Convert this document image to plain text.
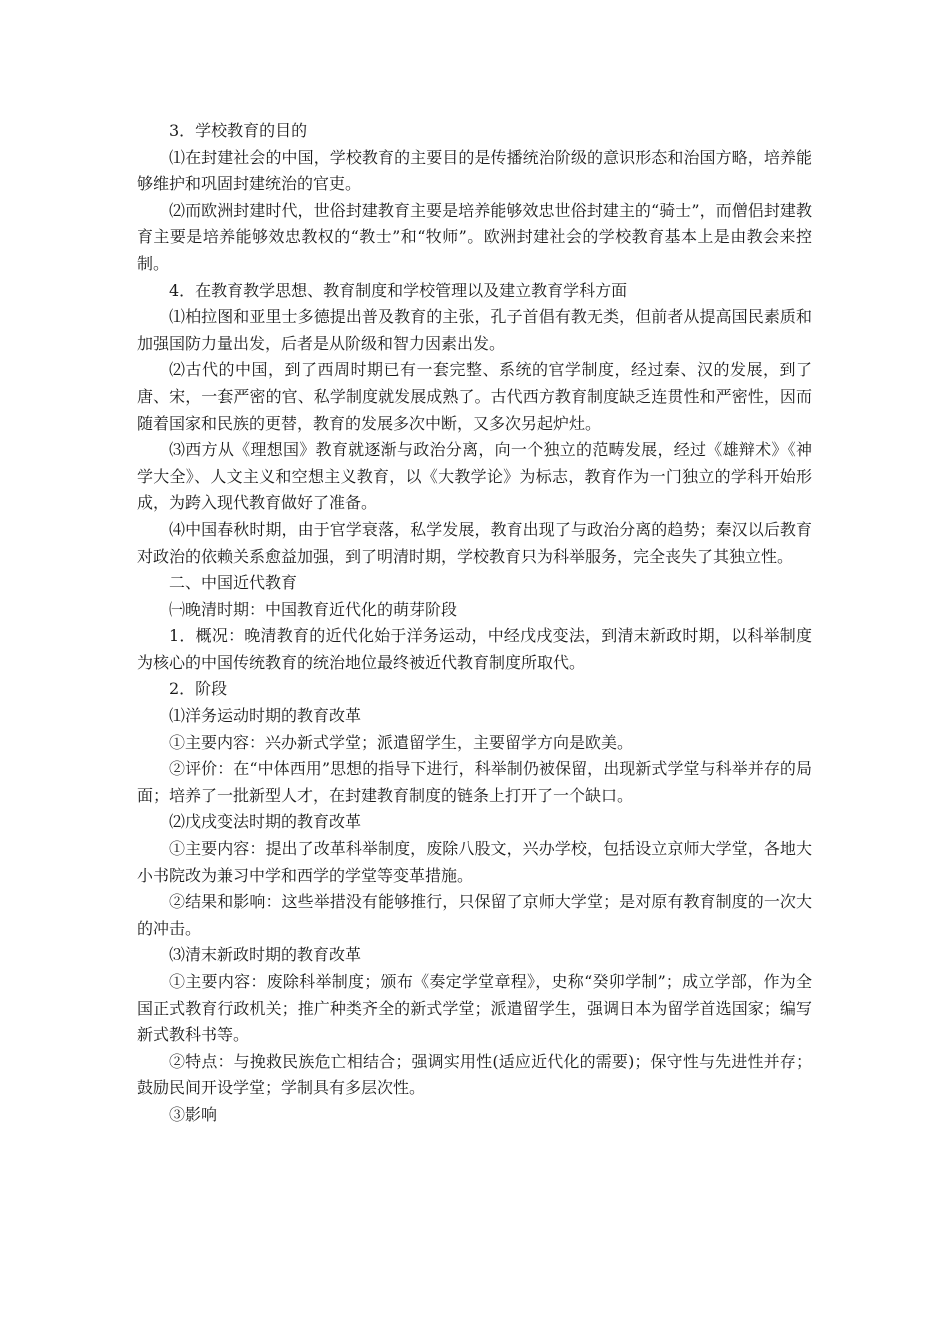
3．学校教育的目的

⑴在封建社会的中国，学校教育的主要目的是传播统治阶级的意识形态和治国方略，培养能够维护和巩固封建统治的官吏。

⑵而欧洲封建时代，世俗封建教育主要是培养能够效忠世俗封建主的“骑士”，而僧侣封建教育主要是培养能够效忠教权的“教士”和“牧师”。欧洲封建社会的学校教育基本上是由教会来控制。

4．在教育教学思想、教育制度和学校管理以及建立教育学科方面

⑴柏拉图和亚里士多德提出普及教育的主张，孔子首倡有教无类，但前者从提高国民素质和加强国防力量出发，后者是从阶级和智力因素出发。

⑵古代的中国，到了西周时期已有一套完整、系统的官学制度，经过秦、汉的发展，到了唐、宋，一套严密的官、私学制度就发展成熟了。古代西方教育制度缺乏连贯性和严密性，因而随着国家和民族的更替，教育的发展多次中断，又多次另起炉灶。

⑶西方从《理想国》教育就逐渐与政治分离，向一个独立的范畴发展，经过《雄辩术》《神学大全》、人文主义和空想主义教育，以《大教学论》为标志，教育作为一门独立的学科开始形成，为跨入现代教育做好了准备。

⑷中国春秋时期，由于官学衰落，私学发展，教育出现了与政治分离的趋势；秦汉以后教育对政治的依赖关系愈益加强，到了明清时期，学校教育只为科举服务，完全丧失了其独立性。

二、中国近代教育

㈠晚清时期：中国教育近代化的萌芽阶段

1．概况：晚清教育的近代化始于洋务运动，中经戊戌变法，到清末新政时期，以科举制度为核心的中国传统教育的统治地位最终被近代教育制度所取代。

2．阶段

⑴洋务运动时期的教育改革

①主要内容：兴办新式学堂；派遣留学生，主要留学方向是欧美。

②评价：在“中体西用”思想的指导下进行，科举制仍被保留，出现新式学堂与科举并存的局面；培养了一批新型人才，在封建教育制度的链条上打开了一个缺口。

⑵戊戌变法时期的教育改革

①主要内容：提出了改革科举制度，废除八股文，兴办学校，包括设立京师大学堂，各地大小书院改为兼习中学和西学的学堂等变革措施。

②结果和影响：这些举措没有能够推行，只保留了京师大学堂；是对原有教育制度的一次大的冲击。

⑶清末新政时期的教育改革

①主要内容：废除科举制度；颁布《奏定学堂章程》，史称“癸卯学制”；成立学部，作为全国正式教育行政机关；推广种类齐全的新式学堂；派遣留学生，强调日本为留学首选国家；编写新式教科书等。

②特点：与挽救民族危亡相结合；强调实用性(适应近代化的需要)；保守性与先进性并存；鼓励民间开设学堂；学制具有多层次性。

③影响
